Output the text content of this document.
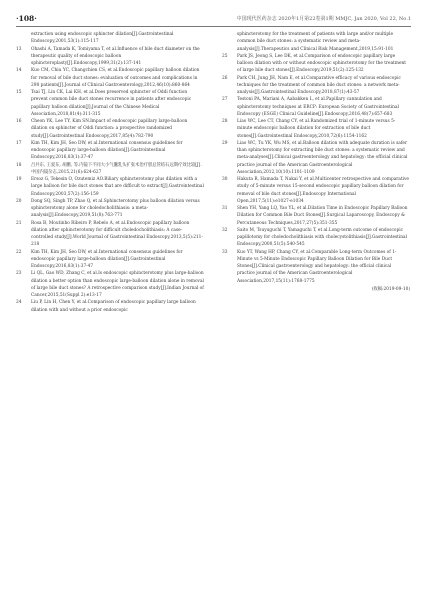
·108·	中国现代医药杂志 2020年1月第22卷第1期 MMJC, Jan 2020, Vol 22, No.1

extraction using endoscopic sphincter dilation[J].Gastrointestinal Endoscopy,2001,53(1):115-117

13	Ohashi A, Tamada K, Tomiyama T, et al.Influence of bile duct diameter on the therapeutic quality of endoscopic balloon sphincteroplasty[J].Endoscopy,1999,31(2):137-141

14	Kuo CM, Chiu YC, Changchien CS, et al.Endoscopic papillary balloon dilation for removal of bile duct stones: evaluation of outcomes and complications in 298 patients[J].Journal of Clinical Gastroenterology,2012,46(10):860-864

15	Tsai TJ, Lin CK, Lai KH, et al.Does preserved sphincter of Oddi function prevent common bile duct stones recurrence in patients after endoscopic papillary balloon dilation[J].Journal of the Chinese Medical Association,2018,81(4):311-315

16	Cheon YK, Lee TY, Kim SN.Impact of endoscopic papillary large-balloon dilation on sphincter of Oddi function: a prospective randomized study[J].Gastrointestinal Endoscopy,2017,85(4):782-790

17	Kim TH, Kim JH, Seo DW, et al.International consensus guidelines for endoscopic papillary large-balloon dilation[J].Gastrointestinal Endoscopy,2016,83(1):37-47

18	吕共东, 王爱东, 胡鹏, 等.内镜下不同大小气囊乳头扩张术治疗胆总管结石远期疗效比较[J].中国内镜杂志,2015,21(6):624-627

19	Ersoz G, Tekesin O, Ozutemiz AO.Biliary sphincterotomy plus dilation with a large balloon for bile duct stones that are difficult to extract[J].Gastrointestinal Endoscopy,2003,57(2):156-159

20	Dong SQ, Singh TP, Zhao Q, et al.Sphincterotomy plus balloon dilation versus sphincterotomy alone for choledocholithiasis: a meta-analysis[J].Endoscopy,2019,51(8):763-771

21	Rosa B, Moutinho Ribeiro P, Rebelo A, et al.Endoscopic papillary balloon dilation after sphincterotomy for difficult choledocholithiasis: A case-controlled study[J].World Journal of Gastrointestinal Endoscopy,2013,5(5):211-218

22	Kim TH, Kim JH, Seo DW, et al.International consensus guidelines for endoscopic papillary large-balloon dilation[J].Gastrointestinal Endoscopy,2016,83(1):37-47

23	Li QL, Gao WD, Zhang C, et al.Is endoscopic sphincterotomy plus large-balloon dilation a better option than endoscopic large-balloon dilation alone in removal of large bile duct stones? A retrospective comparison study[J].Indian Journal of Cancer,2015,51(Suppl 2):e13-17

24	Liu P, Lin H, Chen Y, et al.Comparison of endoscopic papillary large balloon dilation with and without a prior endoscopic

sphincterotomy for the treatment of patients with large and/or multiple common bile duct stones: a systematic review and meta-analysis[J].Therapeutics and Clinical Risk Management,2019,15:91-101

25	Park JS, Jeong S, Lee DK, et al.Comparison of endoscopic papillary large balloon dilation with or without endoscopic sphincterotomy for the treatment of large bile duct stones[J].Endoscopy,2019,51(2):125-132

26	Park CH, Jung JH, Nam E, et al.Comparative efficacy of various endoscopic techniques for the treatment of common bile duct stones: a network meta-analysis[J].Gastrointestinal Endoscopy,2018,87(1):43-57

27	Testoni PA, Mariani A, Aabakken L, et al.Papillary cannulation and sphincterotomy techniques at ERCP: European Society of Gastrointestinal Endoscopy (ESGE) Clinical Guideline[J].Endoscopy,2016,48(7):657-683

28	Liao WC, Lee CT, Chang CY, et al.Randomized trial of 1-minute versus 5-minute endoscopic balloon dilation for extraction of bile duct stones[J].Gastrointestinal Endoscopy,2010,72(6):1154-1162

29	Liao WC, Tu YK, Wu MS, et al.Balloon dilation with adequate duration is safer than sphincterotomy for extracting bile duct stones: a systematic review and meta-analyses[J].Clinical gastroenterology and hepatology: the official clinical practice journal of the American Gastroenterological Association,2012,10(10):1101-1109

30	Hakuta R, Hamada T, Nakai Y, et al.Multicenter retrospective and comparative study of 5-minute versus 15-second endoscopic papillary balloon dilation for removal of bile duct stones[J].Endoscopy International Open,2017,5(11):e1027-e1034

31	Shen YH, Yang LQ, Yao YL, et al.Dilation Time in Endoscopic Papillary Balloon Dilation for Common Bile Duct Stones[J].Surgical Laparoscopy, Endoscopy & Percutaneous Techniques,2017,27(5):351-355

32	Saito M, Tsuyuguchi T, Yamaguchi T, et al.Long-term outcome of endoscopic papillotomy for choledocholithiasis with cholecystolithiasis[J].Gastrointestinal Endoscopy,2000,51(5):540-545

33	Kuo YT, Wang HP, Chang CY, et al.Comparable Long-term Outcomes of 1-Minute vs 5-Minute Endoscopic Papillary Balloon Dilation for Bile Duct Stones[J].Clinical gastroenterology and hepatology: the official clinical practice journal of the American Gastroenterological Association,2017,15(11):1768-1775

(收稿:2019-09-10)
